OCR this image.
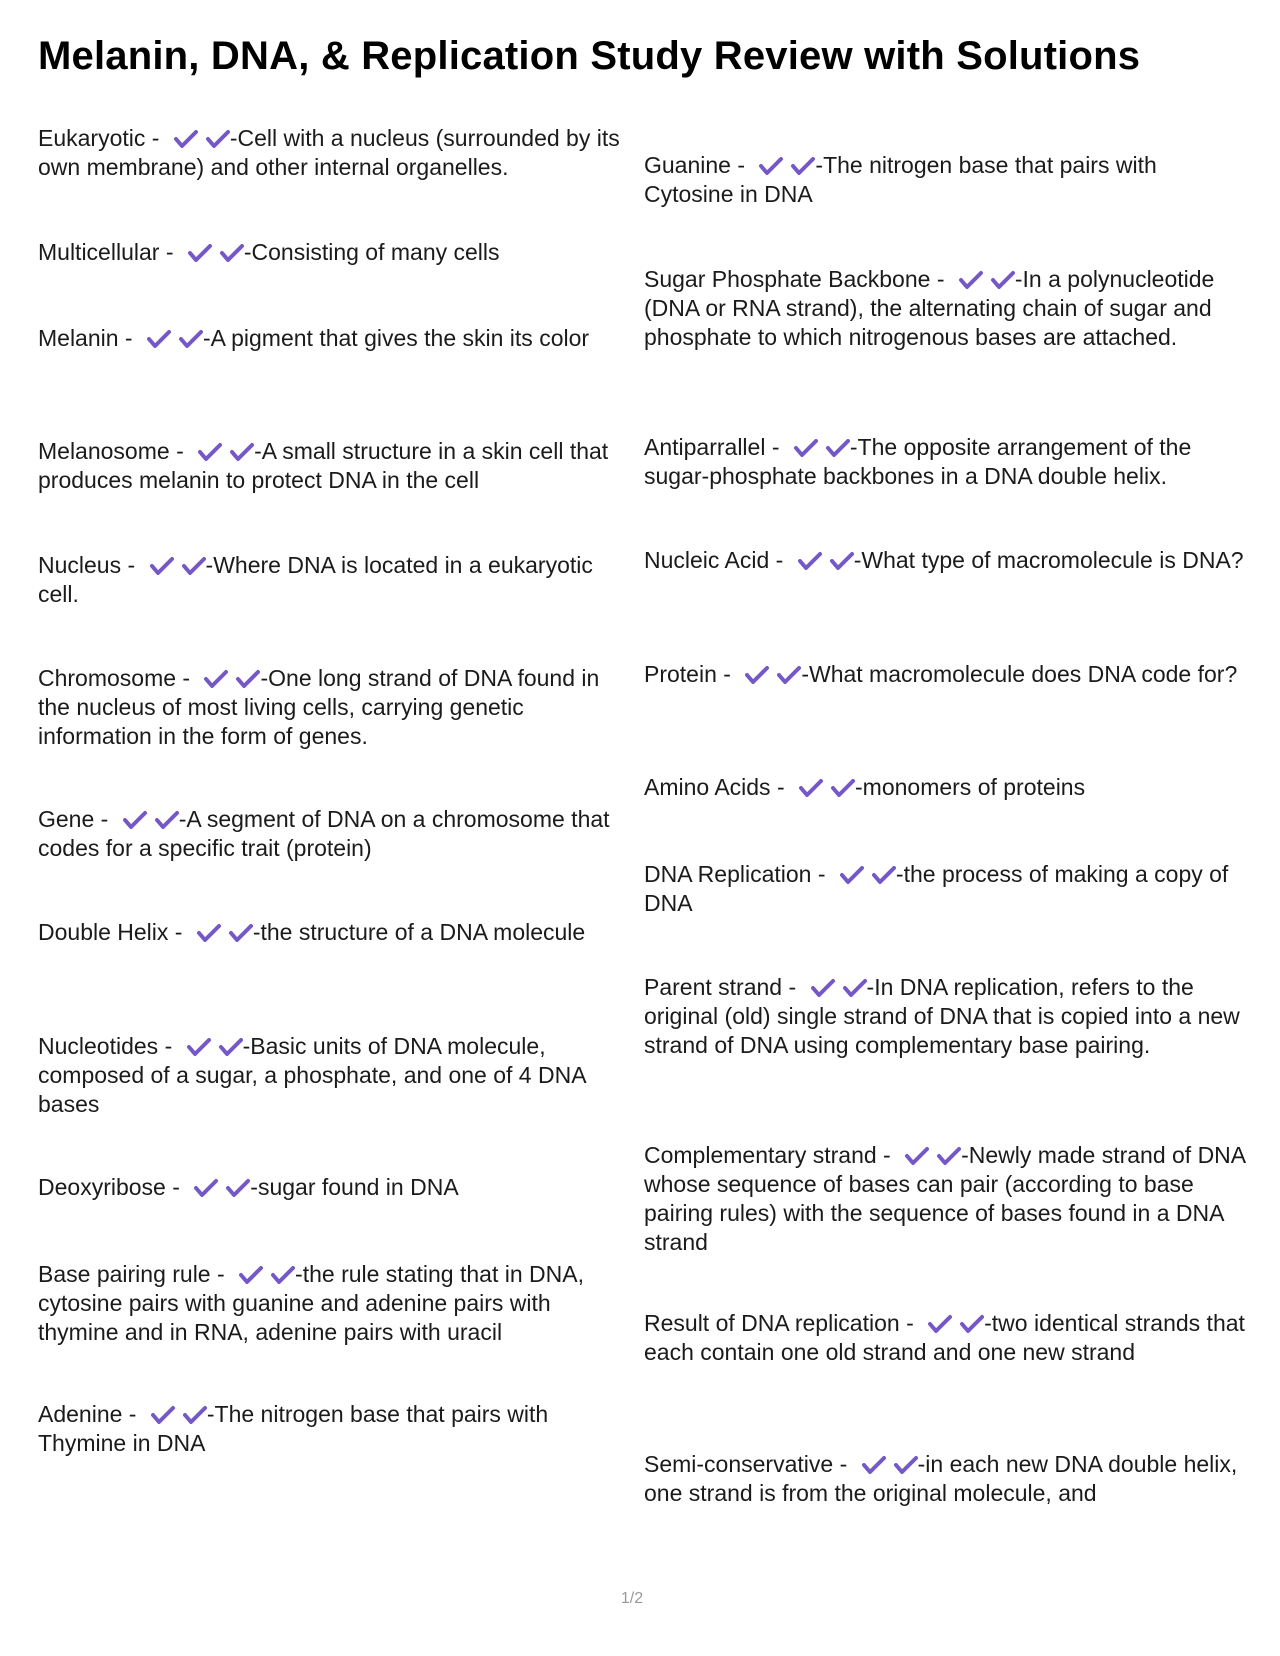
Melanin, DNA, & Replication Study Review with Solutions
Eukaryotic -	-Cell with a nucleus (surrounded by its own membrane) and other internal organelles.
Multicellular -	-Consisting of many cells
Melanin -	-A pigment that gives the skin its color
Melanosome -	-A small structure in a skin cell that produces melanin to protect DNA in the cell
Nucleus -	-Where DNA is located in a eukaryotic cell.
Chromosome -	-One long strand of DNA found in the nucleus of most living cells, carrying genetic information in the form of genes.
Gene -	-A segment of DNA on a chromosome that codes for a specific trait (protein)
Double Helix -	-the structure of a DNA molecule
Nucleotides -	-Basic units of DNA molecule, composed of a sugar, a phosphate, and one of 4 DNA bases
Deoxyribose -	-sugar found in DNA
Base pairing rule -	-the rule stating that in DNA, cytosine pairs with guanine and adenine pairs with thymine and in RNA, adenine pairs with uracil
Adenine -	-The nitrogen base that pairs with Thymine in DNA
Guanine -	-The nitrogen base that pairs with Cytosine in DNA
Sugar Phosphate Backbone -	-In a polynucleotide (DNA or RNA strand), the alternating chain of sugar and phosphate to which nitrogenous bases are attached.
Antiparrallel -	-The opposite arrangement of the sugar-phosphate backbones in a DNA double helix.
Nucleic Acid -	-What type of macromolecule is DNA?
Protein -	-What macromolecule does DNA code for?
Amino Acids -	-monomers of proteins
DNA Replication -	-the process of making a copy of DNA
Parent strand -	-In DNA replication, refers to the original (old) single strand of DNA that is copied into a new strand of DNA using complementary base pairing.
Complementary strand -	-Newly made strand of DNA whose sequence of bases can pair (according to base pairing rules) with the sequence of bases found in a DNA strand
Result of DNA replication -	-two identical strands that each contain one old strand and one new strand
Semi-conservative -	-in each new DNA double helix, one strand is from the original molecule, and
1/2
